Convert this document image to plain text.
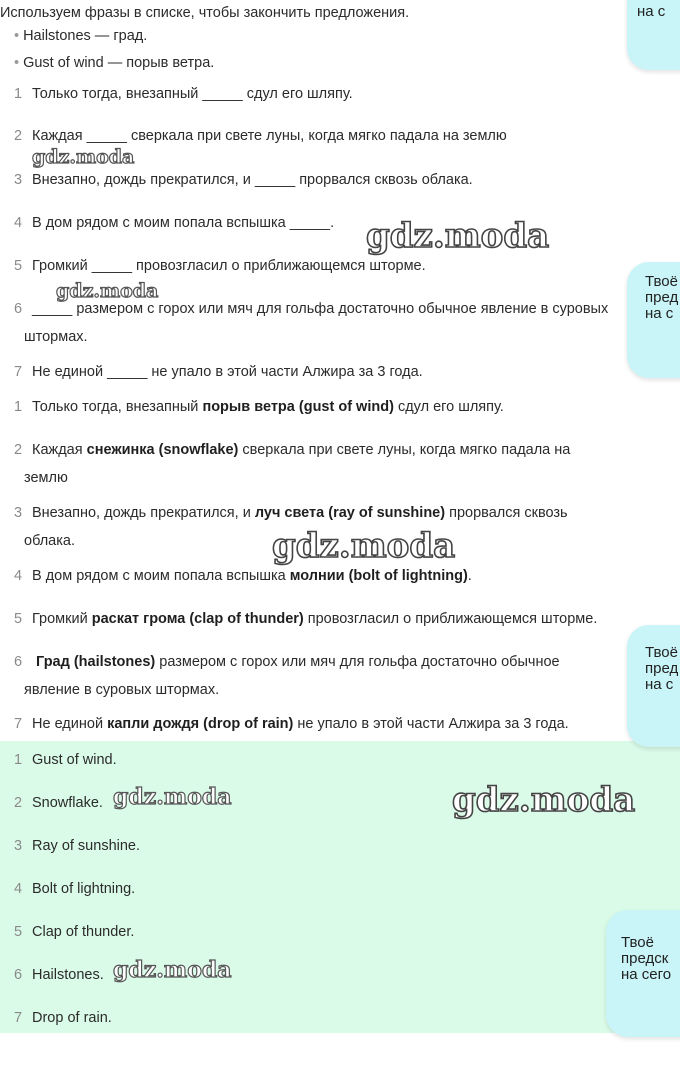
Используем фразы в списке, чтобы закончить предложения.
• Hailstones — град.
• Gust of wind — порыв ветра.
1 Только тогда, внезапный _____ сдул его шляпу.
2 Каждая _____ сверкала при свете луны, когда мягко падала на землю
3 Внезапно, дождь прекратился, и _____ прорвался сквозь облака.
4 В дом рядом с моим попала вспышка _____.
5 Громкий _____ провозгласил о приближающемся шторме.
6 _____ размером с горох или мяч для гольфа достаточно обычное явление в суровых
штормах.
7 Не единой _____ не упало в этой части Алжира за 3 года.
1 Только тогда, внезапный порыв ветра (gust of wind) сдул его шляпу.
2 Каждая снежинка (snowflake) сверкала при свете луны, когда мягко падала на
землю
3 Внезапно, дождь прекратился, и луч света (ray of sunshine) прорвался сквозь
облака.
4 В дом рядом с моим попала вспышка молнии (bolt of lightning).
5 Громкий раскат грома (clap of thunder) провозгласил о приближающемся шторме.
6 Град (hailstones) размером с горох или мяч для гольфа достаточно обычное
явление в суровых штормах.
7 Не единой капли дождя (drop of rain) не упало в этой части Алжира за 3 года.
1 Gust of wind.
2 Snowflake.
3 Ray of sunshine.
4 Bolt of lightning.
5 Clap of thunder.
6 Hailstones.
7 Drop of rain.
gdz.moda
gdz.moda
gdz.moda
gdz.moda
gdz.moda	gdz.moda
gdz.moda
на с
Твоё
пред
на с
Твоё
пред
на с
Твоё
предск
на сего
